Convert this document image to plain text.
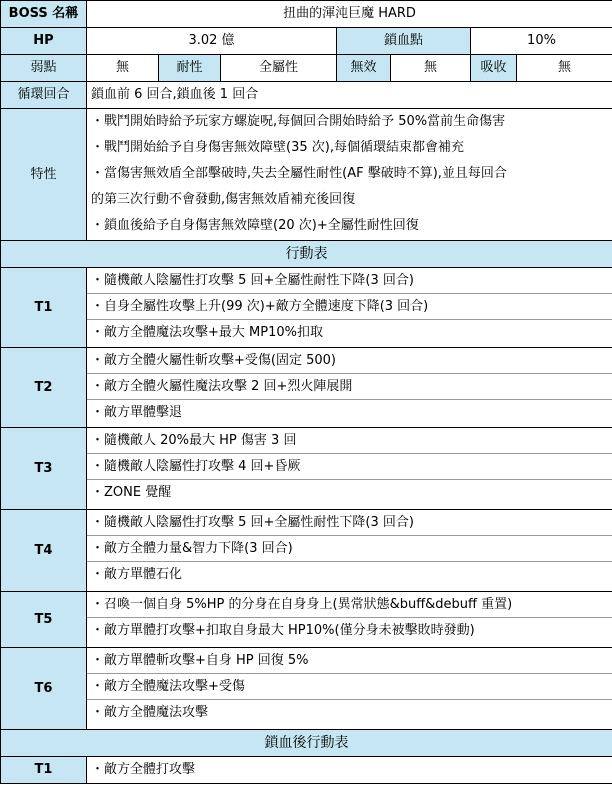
BOSS 名稱	扭曲的渾沌巨魔 HARD						
HP	3.02 億			鎖血點		10%	
弱點	無	耐性	全屬性	無效	無	吸收	無
循環回合	鎖血前 6 回合,鎖血後 1 回合						
特性	・戰鬥開始時給予玩家方螺旋呪,每個回合開始時給予 50%當前生命傷害
・戰鬥開始給予自身傷害無效障壁(35 次),每個循環結束都會補充
・當傷害無效盾全部擊破時,失去全屬性耐性(AF 擊破時不算),並且每回合
的第三次行動不會發動,傷害無效盾補充後回復
・鎖血後給予自身傷害無效障壁(20 次)+全屬性耐性回復						

行動表							
T1	・隨機敵人陰屬性打攻擊 5 回+全屬性耐性下降(3 回合)
・自身全屬性攻擊上升(99 次)+敵方全體速度下降(3 回合)
・敵方全體魔法攻擊+最大 MP10%扣取						

T2	・敵方全體火屬性斬攻擊+受傷(固定 500)
・敵方全體火屬性魔法攻擊 2 回+烈火陣展開
・敵方單體擊退						

T3	・隨機敵人 20%最大 HP 傷害 3 回
・隨機敵人陰屬性打攻擊 4 回+昏厥
・ZONE 覺醒						

T4	・隨機敵人陰屬性打攻擊 5 回+全屬性耐性下降(3 回合)
・敵方全體力量&智力下降(3 回合)
・敵方單體石化						

T5	・召喚一個自身 5%HP 的分身在自身身上(異常狀態&buff&debuff 重置)
・敵方單體打攻擊+扣取自身最大 HP10%(僅分身未被擊敗時發動)						

T6	・敵方單體斬攻擊+自身 HP 回復 5%
・敵方全體魔法攻擊+受傷
・敵方全體魔法攻擊						

鎖血後行動表							
T1	・敵方全體打攻擊						
